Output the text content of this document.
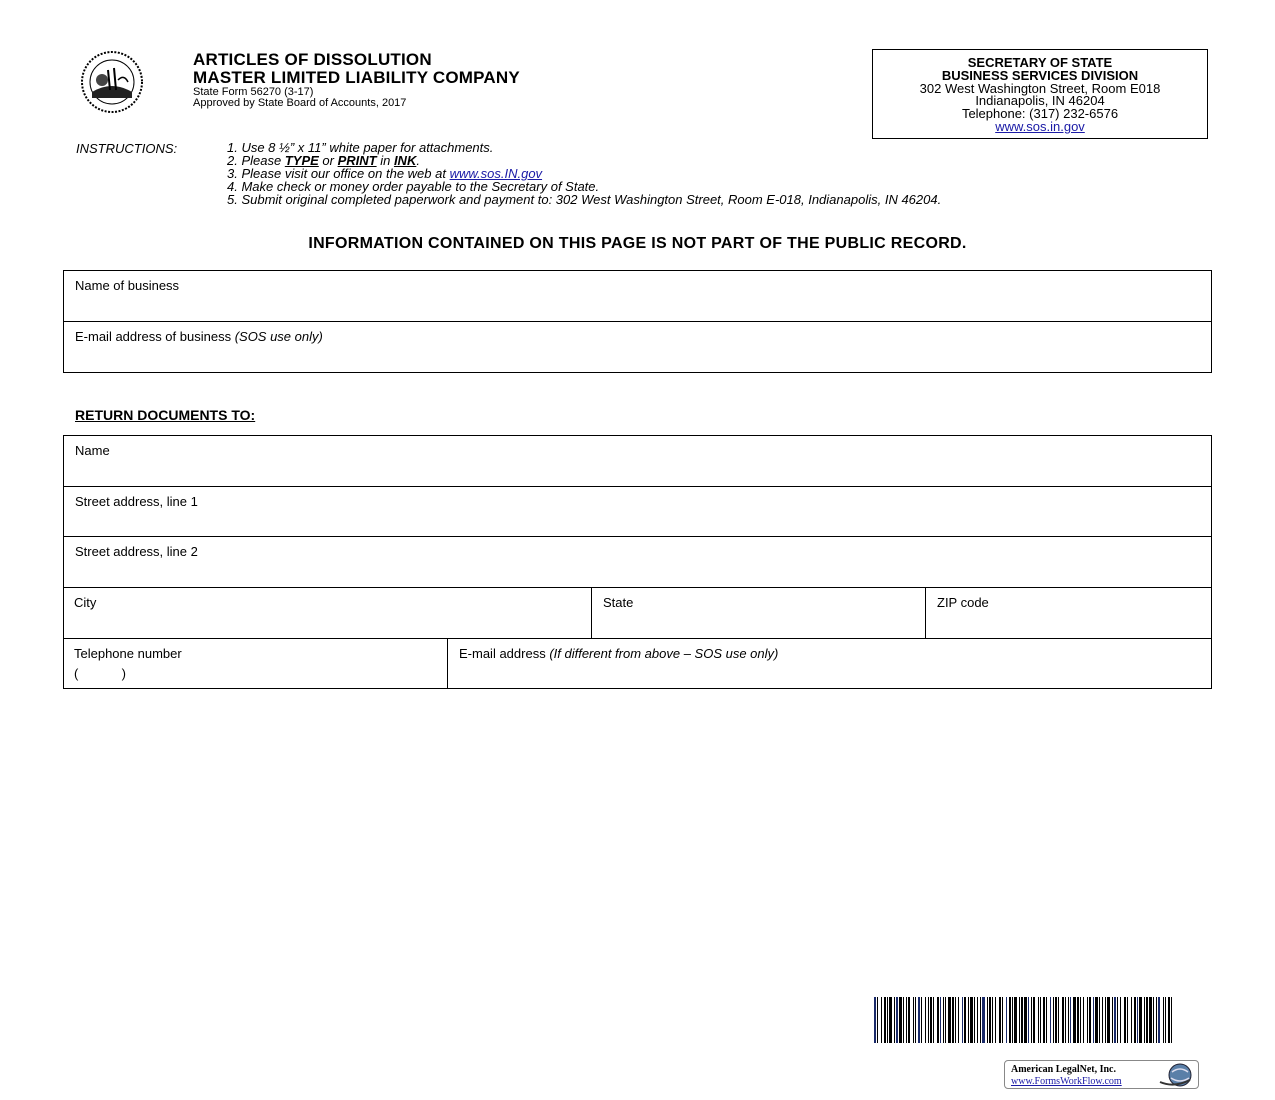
ARTICLES OF DISSOLUTION
MASTER LIMITED LIABILITY COMPANY
State Form 56270 (3-17)
Approved by State Board of Accounts, 2017
SECRETARY OF STATE
BUSINESS SERVICES DIVISION
302 West Washington Street, Room E018
Indianapolis, IN 46204
Telephone: (317) 232-6576
www.sos.in.gov
INSTRUCTIONS:	1. Use 8 ½” x 11” white paper for attachments.
2. Please TYPE or PRINT in INK.
3. Please visit our office on the web at www.sos.IN.gov
4. Make check or money order payable to the Secretary of State.
5. Submit original completed paperwork and payment to: 302 West Washington Street, Room E-018, Indianapolis, IN 46204.
INFORMATION CONTAINED ON THIS PAGE IS NOT PART OF THE PUBLIC RECORD.
Name of business
E-mail address of business (SOS use only)
RETURN DOCUMENTS TO:
Name
Street address, line 1
Street address, line 2
City	State	ZIP code
Telephone number
(            )
E-mail address (If different from above – SOS use only)
American LegalNet, Inc.
www.FormsWorkFlow.com
